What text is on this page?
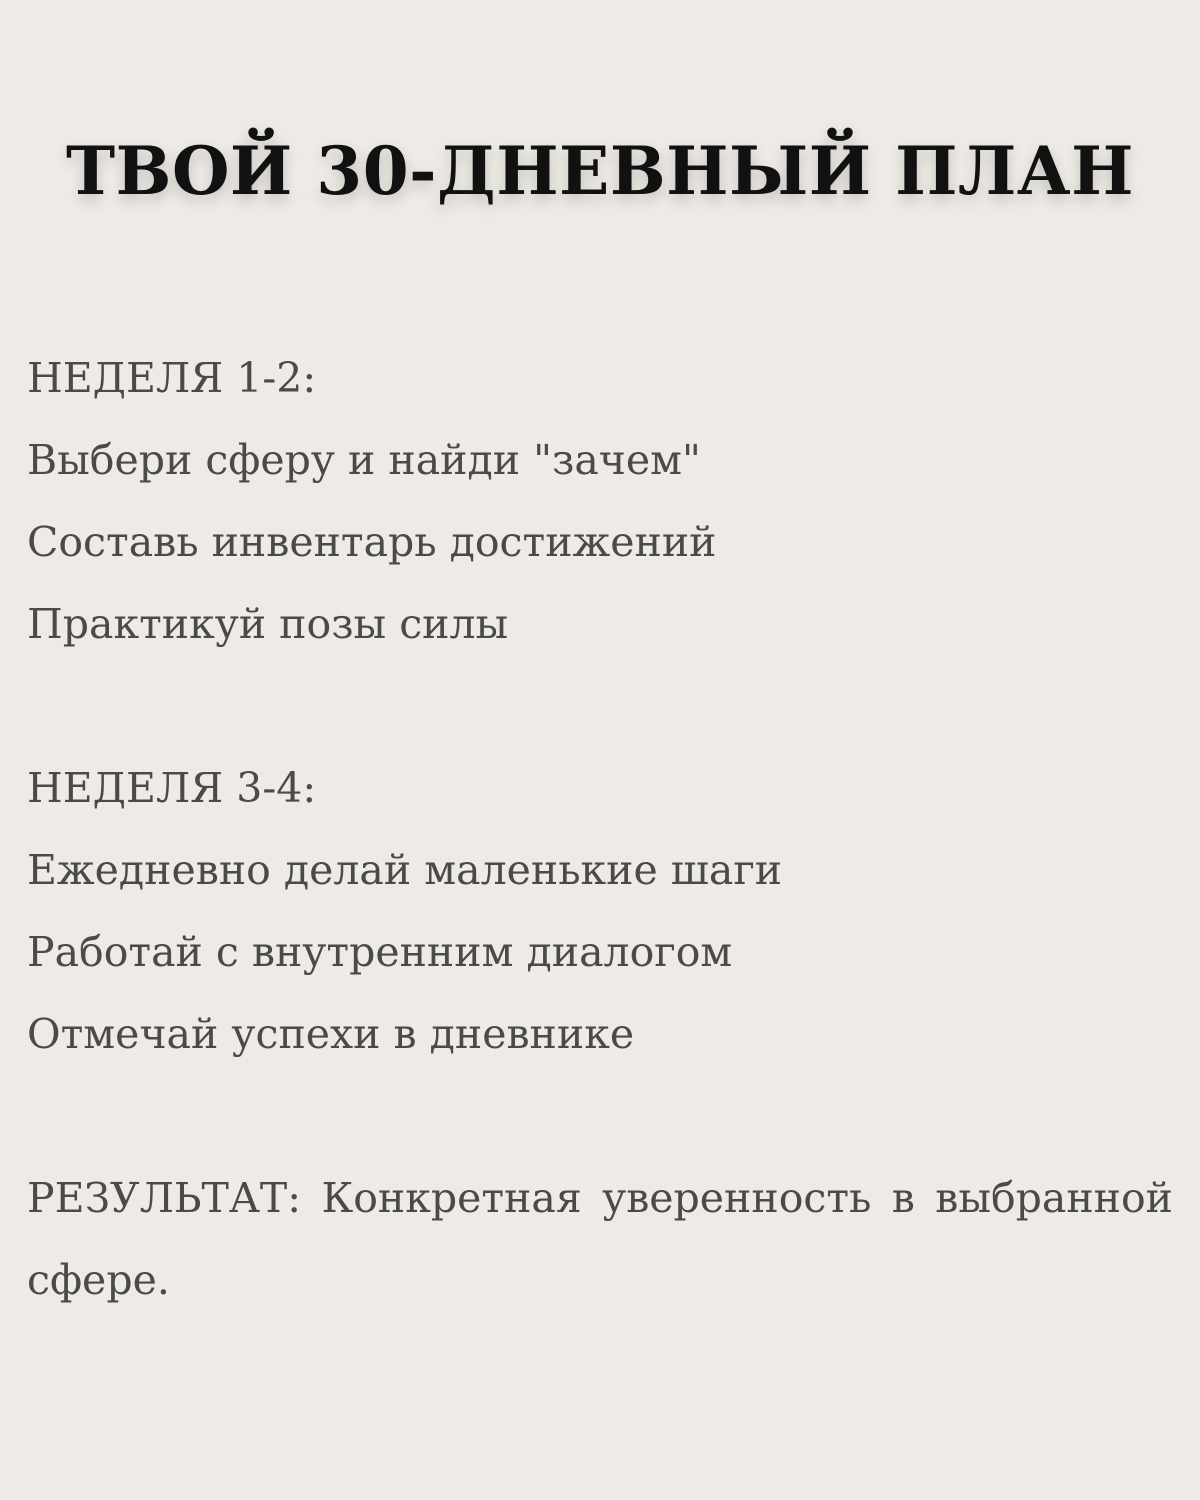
ТВОЙ 30-ДНЕВНЫЙ ПЛАН
НЕДЕЛЯ 1-2:
Выбери сферу и найди "зачем"
Составь инвентарь достижений
Практикуй позы силы
НЕДЕЛЯ 3-4:
Ежедневно делай маленькие шаги
Работай с внутренним диалогом
Отмечай успехи в дневнике
РЕЗУЛЬТАТ: Конкретная уверенность в выбранной сфере.
